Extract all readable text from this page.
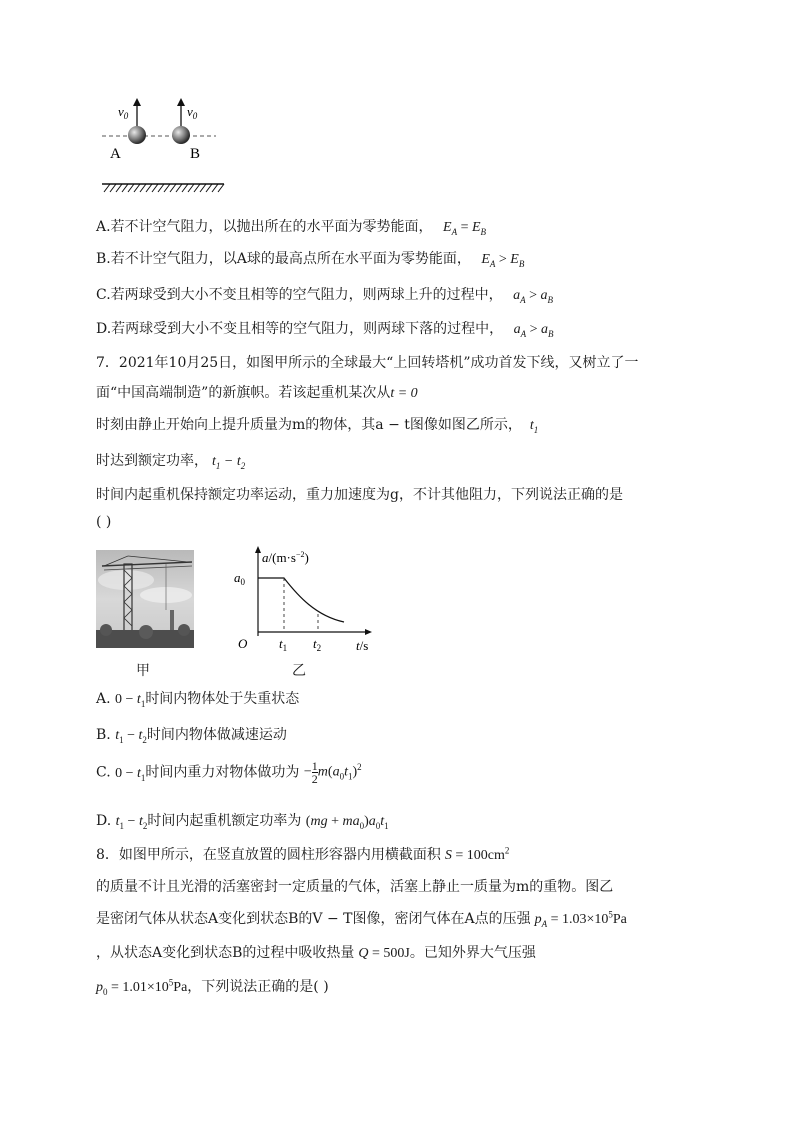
$v_0$	$v_0$
A	B
A.若不计空气阻力，以抛出所在的水平面为零势能面， $E_A = E_B$
B.若不计空气阻力，以A球的最高点所在水平面为零势能面， $E_A > E_B$
C.若两球受到大小不变且相等的空气阻力，则两球上升的过程中， $a_A > a_B$
D.若两球受到大小不变且相等的空气阻力，则两球下落的过程中， $a_A > a_B$
7．2021年10月25日，如图甲所示的全球最大“上回转塔机”成功首发下线，又树立了一
面“中国高端制造”的新旗帜。若该起重机某次从t = 0
时刻由静止开始向上提升质量为m的物体，其a − t图像如图乙所示， $t_1$
时达到额定功率， $t_1 - t_2$
时间内起重机保持额定功率运动，重力加速度为g，不计其他阻力，下列说法正确的是
( )
甲
$a/(m\cdot s^{-2})$
$a_0$
O $t_1$ $t_2$	t/s
乙
A. $0 - t_1$时间内物体处于失重状态
B. $t_1 - t_2$时间内物体做减速运动
C. $0 - t_1$时间内重力对物体做功为 − $\frac{1}{2} m(a_0t_1)^2$
D. $t_1 - t_2$时间内起重机额定功率为 $(mg + ma_0)a_0t_1$
8．如图甲所示，在竖直放置的圆柱形容器内用横截面积 $S = 100cm^2$
的质量不计且光滑的活塞密封一定质量的气体，活塞上静止一质量为m的重物。图乙
是密闭气体从状态A变化到状态B的V − T图像，密闭气体在A点的压强 $p_A = 1.03\times 10^5Pa$
，从状态A变化到状态B的过程中吸收热量 Q = 500J。已知外界大气压强
$p_0 = 1.01\times 10^5Pa$，下列说法正确的是( )
